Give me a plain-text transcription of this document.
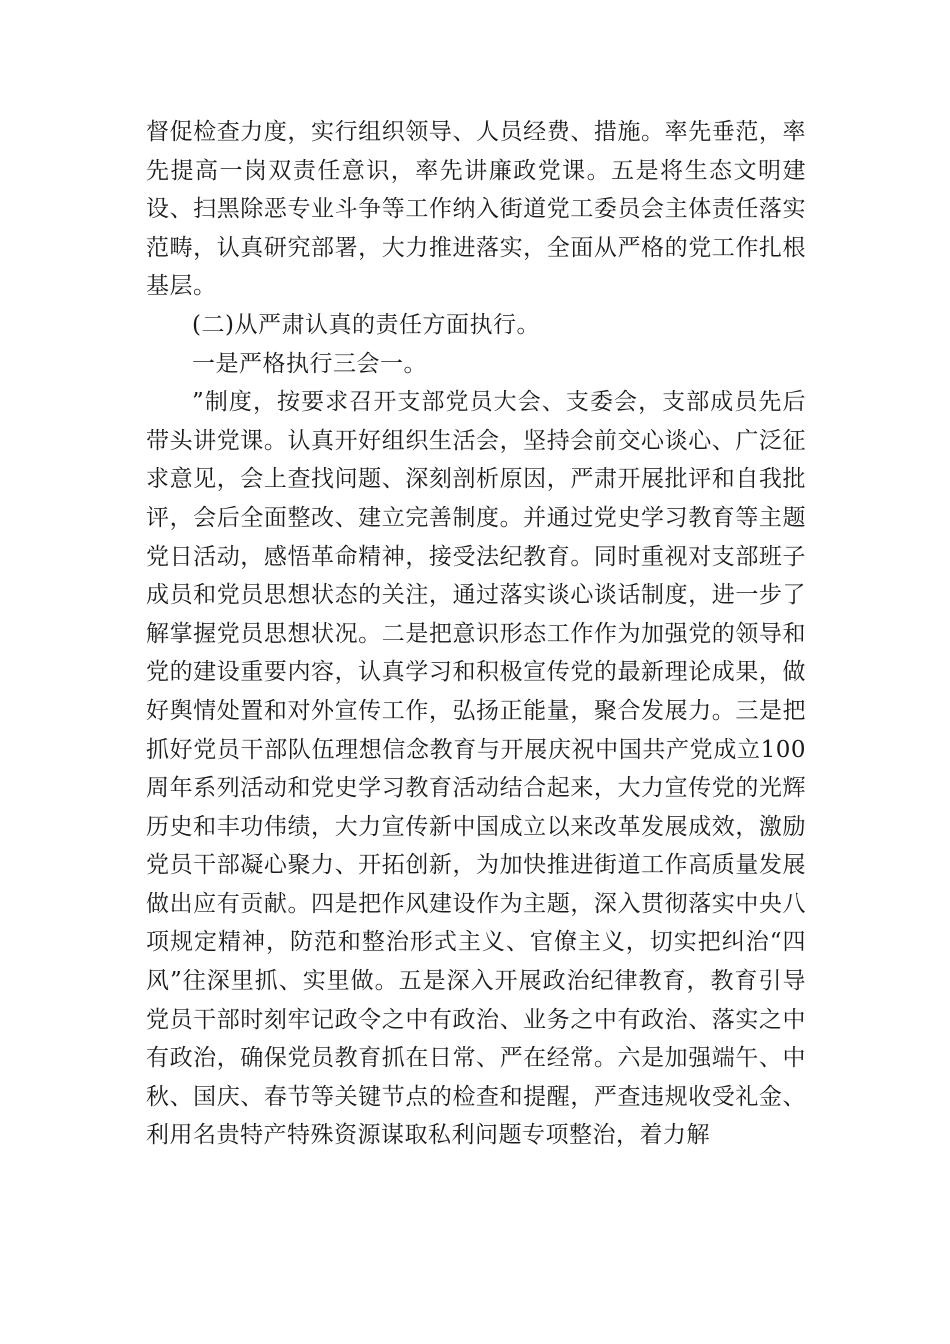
督促检查力度，实行组织领导、人员经费、措施。率先垂范，率先提高一岗双责任意识，率先讲廉政党课。五是将生态文明建设、扫黑除恶专业斗争等工作纳入街道党工委员会主体责任落实范畴，认真研究部署，大力推进落实，全面从严格的党工作扎根基层。

(二)从严肃认真的责任方面执行。

一是严格执行三会一。

”制度，按要求召开支部党员大会、支委会，支部成员先后带头讲党课。认真开好组织生活会，坚持会前交心谈心、广泛征求意见，会上查找问题、深刻剖析原因，严肃开展批评和自我批评，会后全面整改、建立完善制度。并通过党史学习教育等主题党日活动，感悟革命精神，接受法纪教育。同时重视对支部班子成员和党员思想状态的关注，通过落实谈心谈话制度，进一步了解掌握党员思想状况。二是把意识形态工作作为加强党的领导和党的建设重要内容，认真学习和积极宣传党的最新理论成果，做好舆情处置和对外宣传工作，弘扬正能量，聚合发展力。三是把抓好党员干部队伍理想信念教育与开展庆祝中国共产党成立100周年系列活动和党史学习教育活动结合起来，大力宣传党的光辉历史和丰功伟绩，大力宣传新中国成立以来改革发展成效，激励党员干部凝心聚力、开拓创新，为加快推进街道工作高质量发展做出应有贡献。四是把作风建设作为主题，深入贯彻落实中央八项规定精神，防范和整治形式主义、官僚主义，切实把纠治“四风”往深里抓、实里做。五是深入开展政治纪律教育，教育引导党员干部时刻牢记政令之中有政治、业务之中有政治、落实之中有政治，确保党员教育抓在日常、严在经常。六是加强端午、中秋、国庆、春节等关键节点的检查和提醒，严查违规收受礼金、利用名贵特产特殊资源谋取私利问题专项整治，着力解
